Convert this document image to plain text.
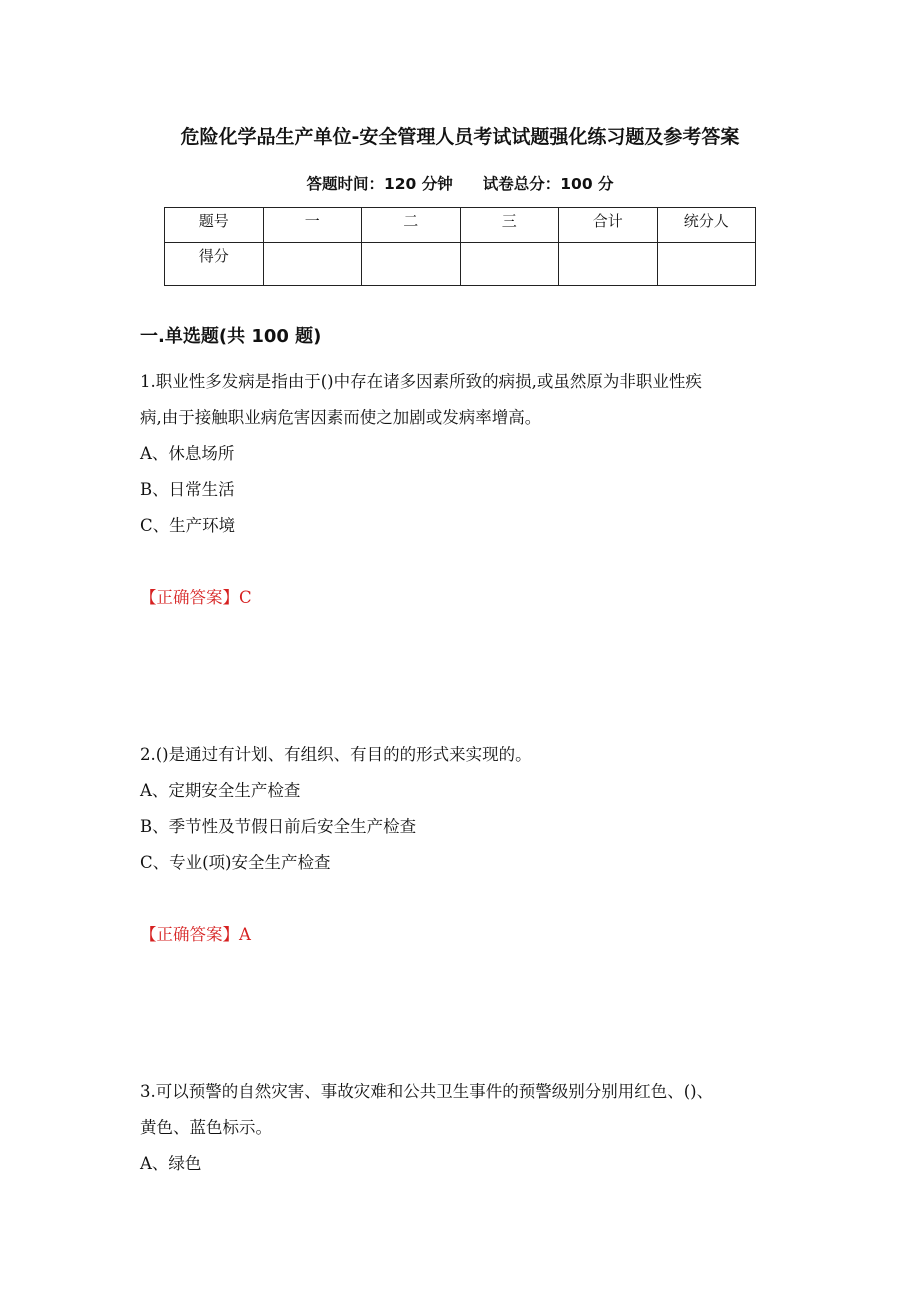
危险化学品生产单位-安全管理人员考试试题强化练习题及参考答案
答题时间：120 分钟 试卷总分：100 分
题号	一	二	三	合计	统分人
得分					
一.单选题(共 100 题)
1.职业性多发病是指由于()中存在诸多因素所致的病损,或虽然原为非职业性疾
病,由于接触职业病危害因素而使之加剧或发病率增高。
A、休息场所
B、日常生活
C、生产环境
【正确答案】C
2.()是通过有计划、有组织、有目的的形式来实现的。
A、定期安全生产检查
B、季节性及节假日前后安全生产检查
C、专业(项)安全生产检查
【正确答案】A
3.可以预警的自然灾害、事故灾难和公共卫生事件的预警级别分别用红色、()、
黄色、蓝色标示。
A、绿色
